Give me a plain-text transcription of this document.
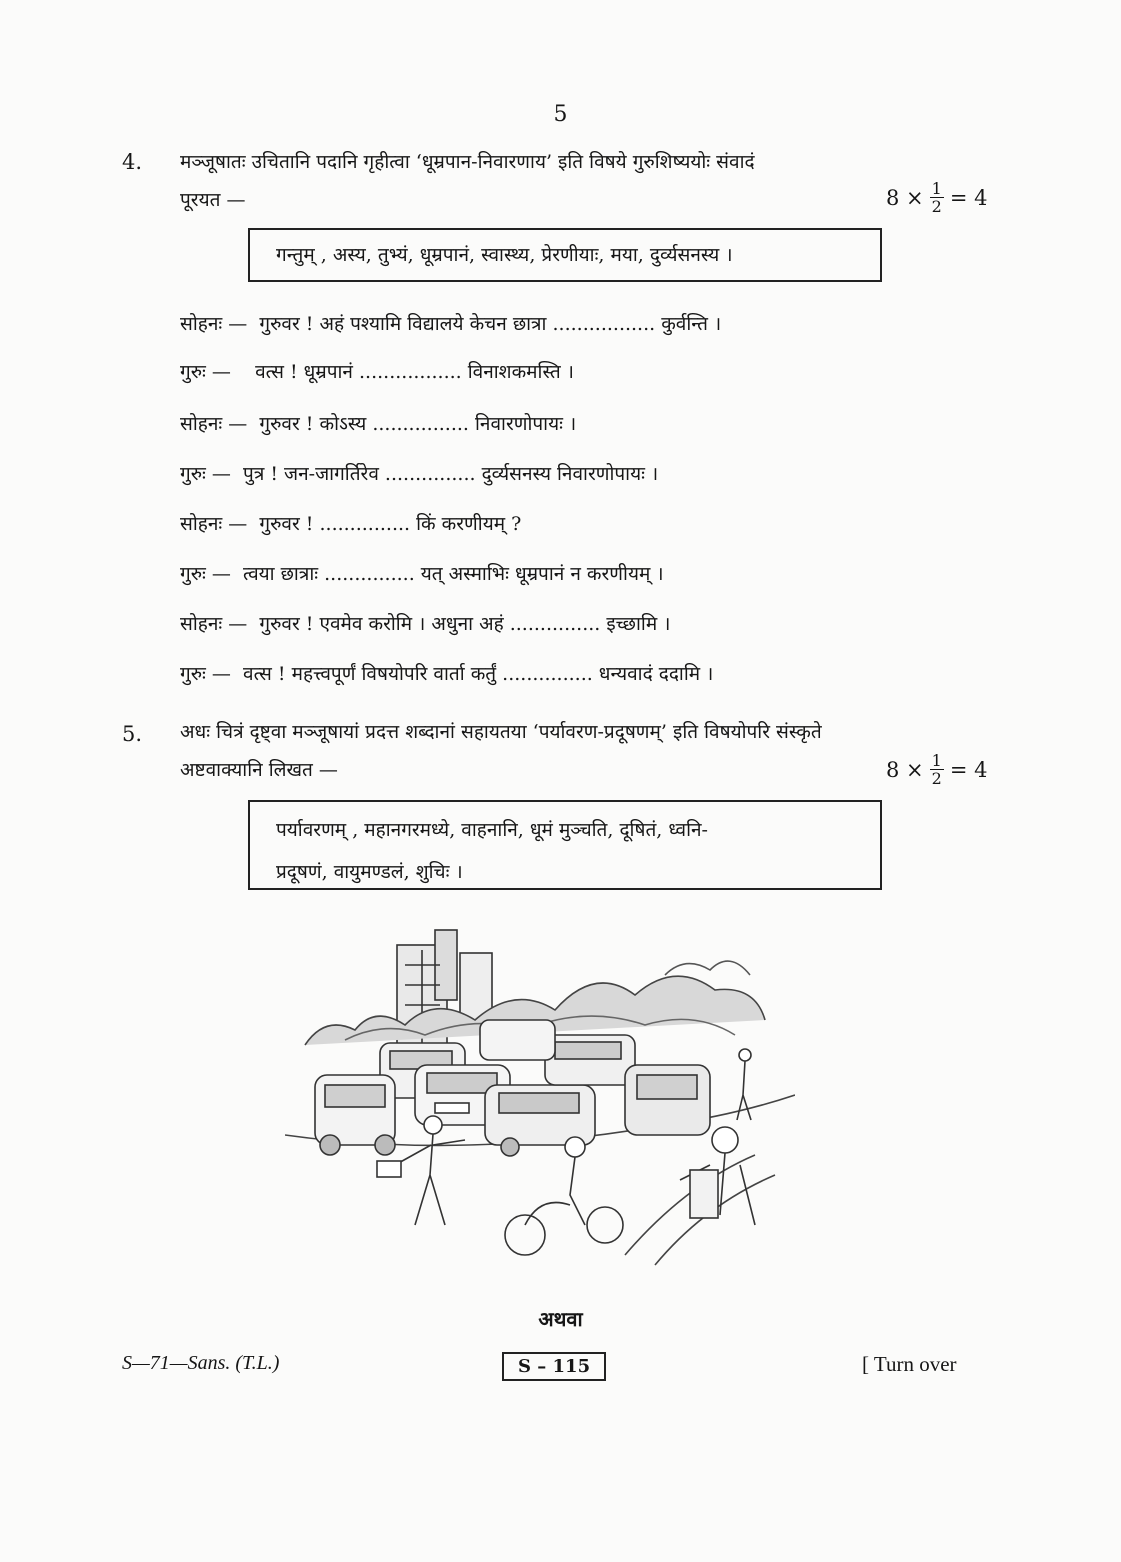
5
4. मञ्जूषातः उचितानि पदानि गृहीत्वा ‘धूम्रपान-निवारणाय’ इति विषये गुरुशिष्ययोः संवादं
पूरयत —	$8 \times \frac{1}{2} = 4$
गन्तुम् , अस्य, तुभ्यं, धूम्रपानं, स्वास्थ्य, प्रेरणीयाः, मया, दुर्व्यसनस्य ।
सोहनः — गुरुवर ! अहं पश्यामि विद्यालये केचन छात्रा ................. कुर्वन्ति ।
गुरुः — वत्स ! धूम्रपानं ................. विनाशकमस्ति ।
सोहनः — गुरुवर ! कोऽस्य ................ निवारणोपायः ।
गुरुः — पुत्र ! जन-जागर्तिरेव ............... दुर्व्यसनस्य निवारणोपायः ।
सोहनः — गुरुवर ! ............... किं करणीयम् ?
गुरुः — त्वया छात्राः ............... यत् अस्माभिः धूम्रपानं न करणीयम् ।
सोहनः — गुरुवर ! एवमेव करोमि । अधुना अहं ............... इच्छामि ।
गुरुः — वत्स ! महत्त्वपूर्णं विषयोपरि वार्ता कर्तुं ............... धन्यवादं ददामि ।
5. अधः चित्रं दृष्ट्वा मञ्जूषायां प्रदत्त शब्दानां सहायतया ‘पर्यावरण-प्रदूषणम्’ इति विषयोपरि संस्कृते
अष्टवाक्यानि लिखत —	$8 \times \frac{1}{2} = 4$
पर्यावरणम् , महानगरमध्ये, वाहनानि, धूमं मुञ्चति, दूषितं, ध्वनि-
प्रदूषणं, वायुमण्डलं, शुचिः ।
अथवा
S—71—Sans. (T.L.)	S – 115	[ Turn over
